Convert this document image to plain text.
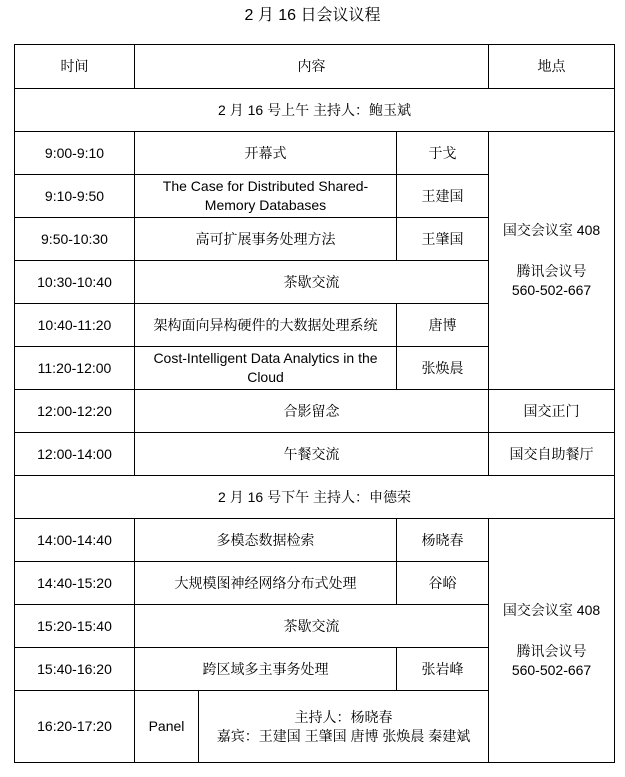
2 月 16 日会议议程
时间	内容			地点
2 月 16 号上午 主持人：鲍玉斌				
9:00-9:10	开幕式		于戈	国交会议室 408
腾讯会议号
560-502-667

9:10-9:50	The Case for Distributed Shared-Memory Databases		王建国	
9:50-10:30	高可扩展事务处理方法		王肇国	
10:30-10:40	茶歇交流			
10:40-11:20	架构面向异构硬件的大数据处理系统		唐博	
11:20-12:00	Cost-Intelligent Data Analytics in the Cloud		张焕晨	
12:00-12:20	合影留念			国交正门
12:00-14:00	午餐交流			国交自助餐厅
2 月 16 号下午 主持人：申德荣				
14:00-14:40	多模态数据检索		杨晓春	国交会议室 408
腾讯会议号
560-502-667

14:40-15:20	大规模图神经网络分布式处理		谷峪	
15:20-15:40	茶歇交流			
15:40-16:20	跨区域多主事务处理		张岩峰	
16:20-17:20	Panel	主持人：杨晓春
嘉宾：王建国 王肇国 唐博 张焕晨 秦建斌		
